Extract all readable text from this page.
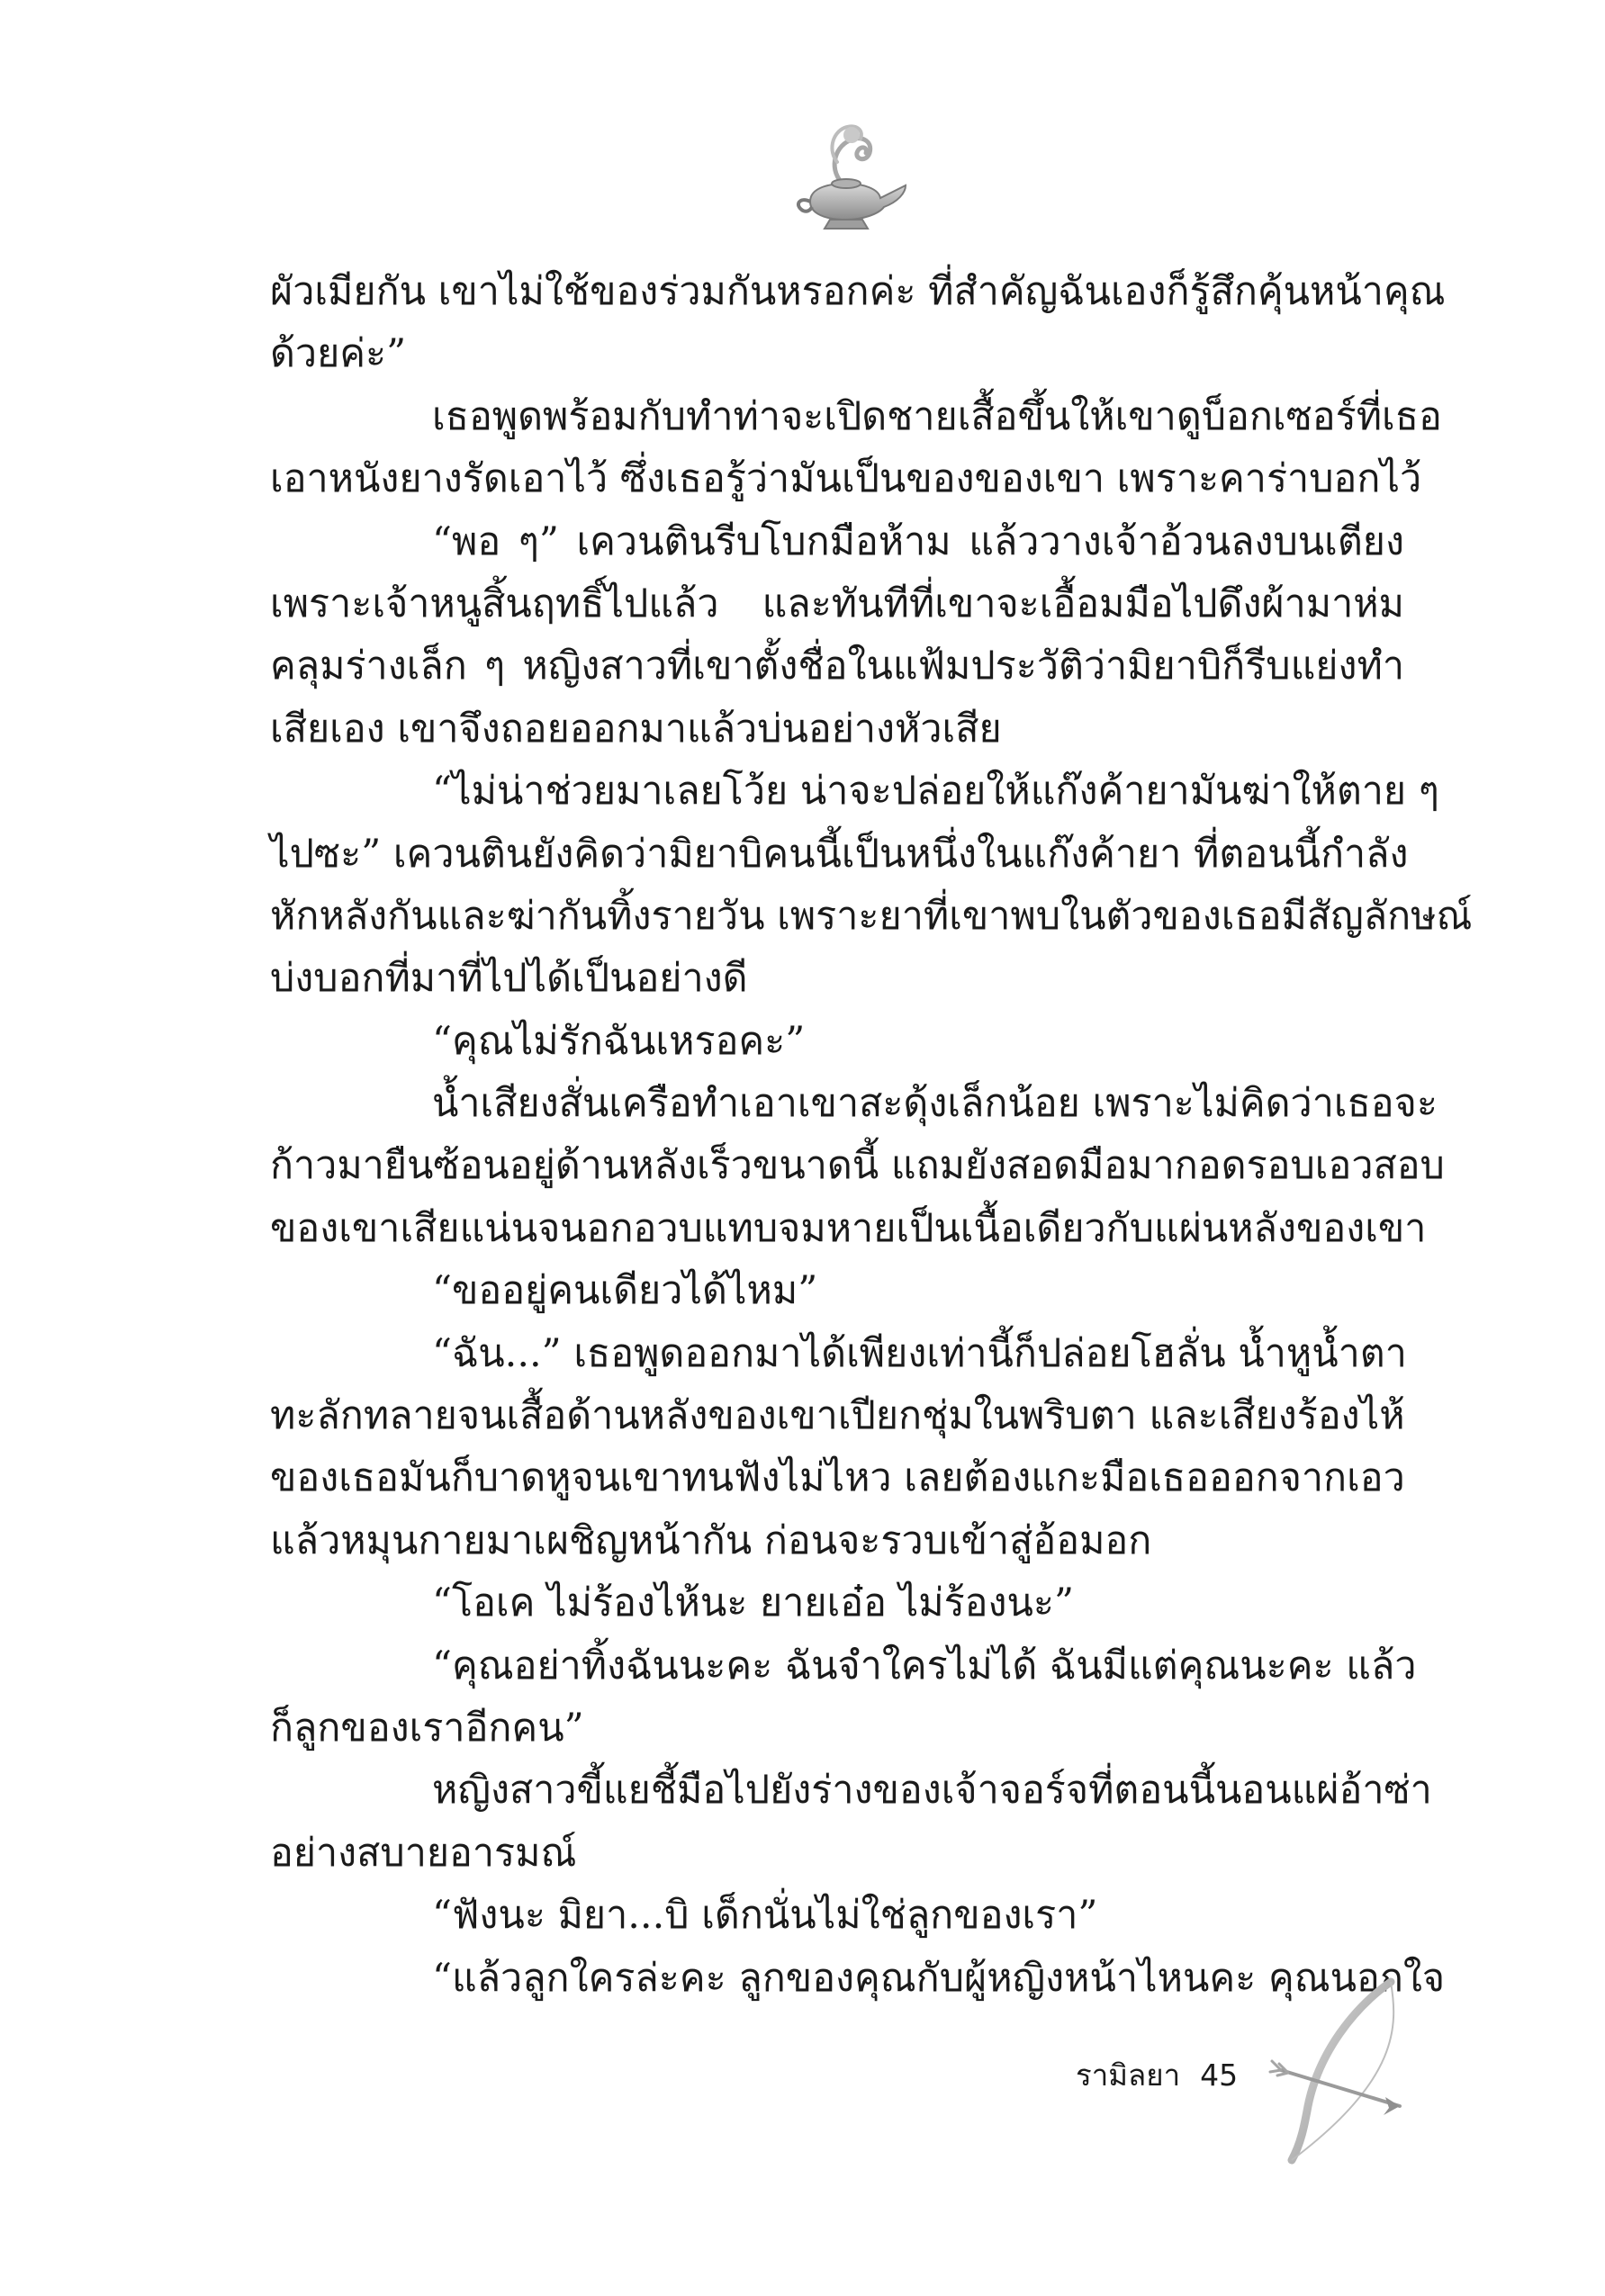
ผัวเมียกัน เขาไม่ใช้ของร่วมกันหรอกค่ะ ที่สำคัญฉันเองก็รู้สึกคุ้นหน้าคุณ
ด้วยค่ะ”
เธอพูดพร้อมกับทำท่าจะเปิดชายเสื้อขึ้นให้เขาดูบ็อกเซอร์ที่เธอ
เอาหนังยางรัดเอาไว้ ซึ่งเธอรู้ว่ามันเป็นของของเขา เพราะคาร่าบอกไว้
“พอ ๆ” เควนตินรีบโบกมือห้าม แล้ววางเจ้าอ้วนลงบนเตียง
เพราะเจ้าหนูสิ้นฤทธิ์ไปแล้ว และทันทีที่เขาจะเอื้อมมือไปดึงผ้ามาห่ม
คลุมร่างเล็ก ๆ หญิงสาวที่เขาตั้งชื่อในแฟ้มประวัติว่ามิยาบิก็รีบแย่งทำ
เสียเอง เขาจึงถอยออกมาแล้วบ่นอย่างหัวเสีย
“ไม่น่าช่วยมาเลยโว้ย น่าจะปล่อยให้แก๊งค้ายามันฆ่าให้ตาย ๆ
ไปซะ” เควนตินยังคิดว่ามิยาบิคนนี้เป็นหนึ่งในแก๊งค้ายา ที่ตอนนี้กำลัง
หักหลังกันและฆ่ากันทิ้งรายวัน เพราะยาที่เขาพบในตัวของเธอมีสัญลักษณ์
บ่งบอกที่มาที่ไปได้เป็นอย่างดี
“คุณไม่รักฉันเหรอคะ”
น้ำเสียงสั่นเครือทำเอาเขาสะดุ้งเล็กน้อย เพราะไม่คิดว่าเธอจะ
ก้าวมายืนซ้อนอยู่ด้านหลังเร็วขนาดนี้ แถมยังสอดมือมากอดรอบเอวสอบ
ของเขาเสียแน่นจนอกอวบแทบจมหายเป็นเนื้อเดียวกับแผ่นหลังของเขา
“ขออยู่คนเดียวได้ไหม”
“ฉัน...” เธอพูดออกมาได้เพียงเท่านี้ก็ปล่อยโฮลั่น น้ำหูน้ำตา
ทะลักทลายจนเสื้อด้านหลังของเขาเปียกชุ่มในพริบตา และเสียงร้องไห้
ของเธอมันก็บาดหูจนเขาทนฟังไม่ไหว เลยต้องแกะมือเธอออกจากเอว
แล้วหมุนกายมาเผชิญหน้ากัน ก่อนจะรวบเข้าสู่อ้อมอก
“โอเค ไม่ร้องไห้นะ ยายเอ๋อ ไม่ร้องนะ”
“คุณอย่าทิ้งฉันนะคะ ฉันจำใครไม่ได้ ฉันมีแต่คุณนะคะ แล้ว
ก็ลูกของเราอีกคน”
หญิงสาวขี้แยชี้มือไปยังร่างของเจ้าจอร์จที่ตอนนี้นอนแผ่อ้าซ่า
อย่างสบายอารมณ์
“ฟังนะ มิยา...บิ เด็กนั่นไม่ใช่ลูกของเรา”
“แล้วลูกใครล่ะคะ ลูกของคุณกับผู้หญิงหน้าไหนคะ คุณนอกใจ
รามิลยา 45
